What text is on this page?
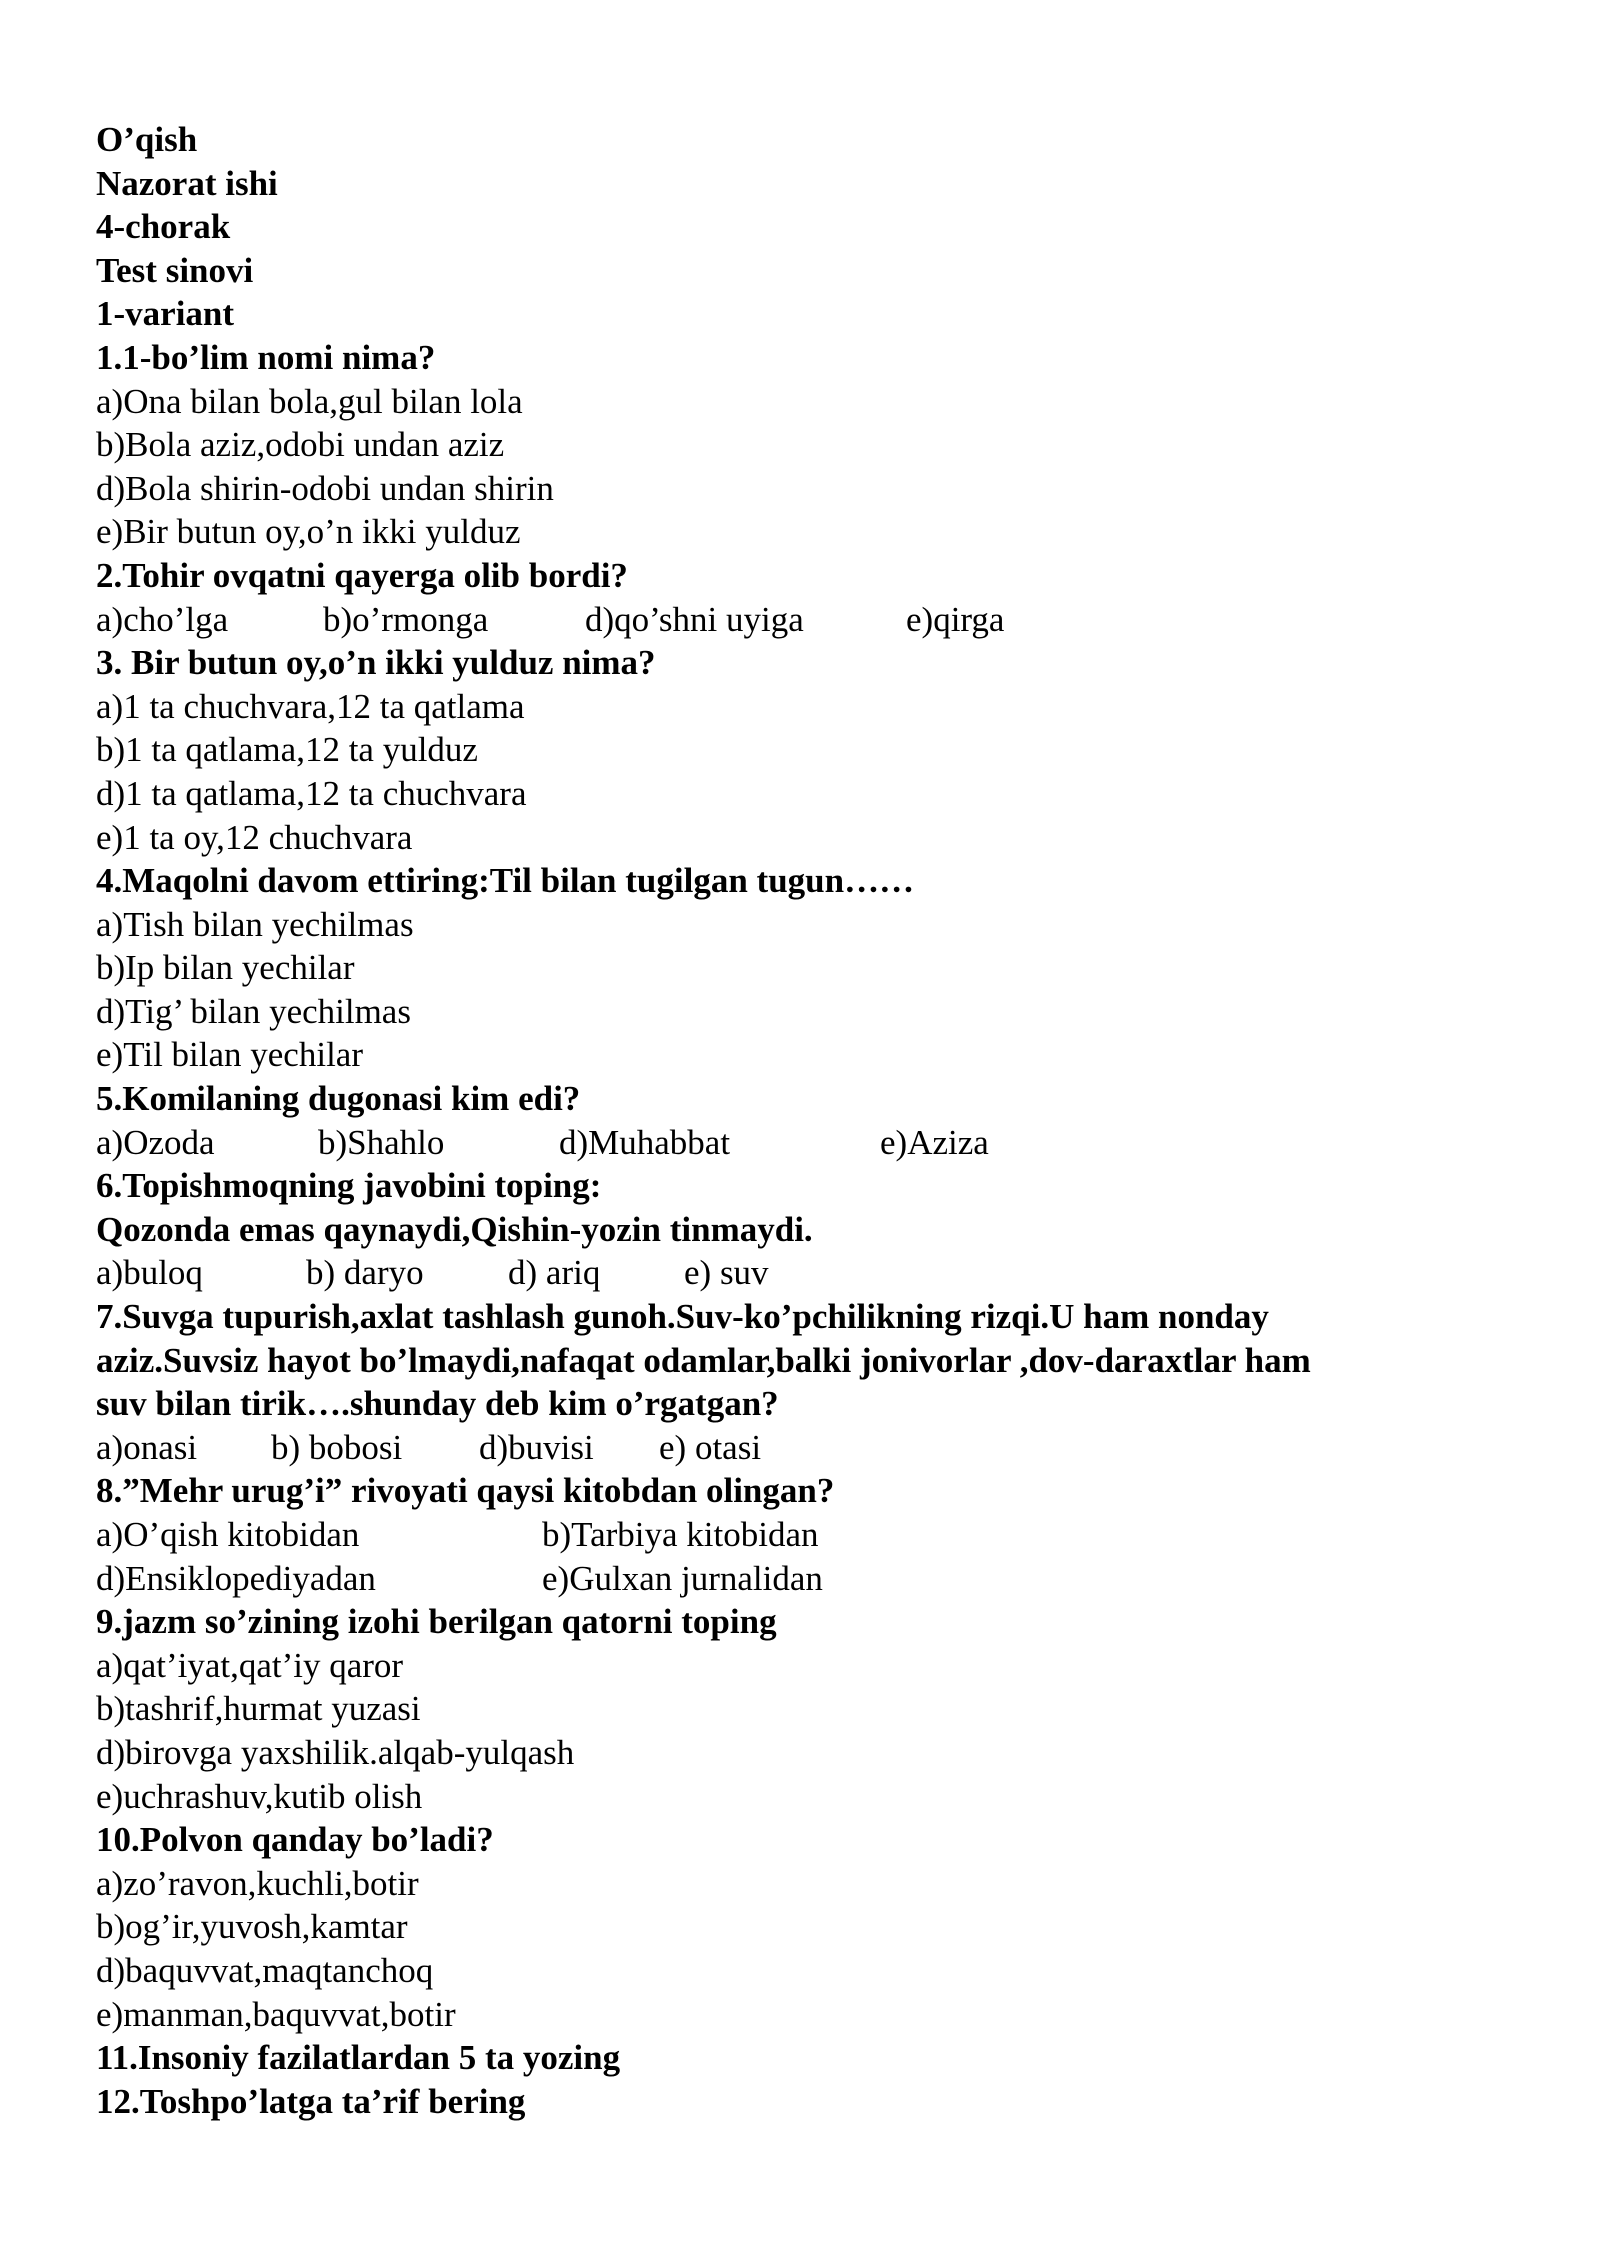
O’qish
Nazorat ishi
4-chorak
Test sinovi
1-variant
1.1-bo’lim nomi nima?
a)Ona bilan bola,gul bilan lola
b)Bola aziz,odobi undan aziz
d)Bola shirin-odobi undan shirin
e)Bir butun oy,o’n ikki yulduz
2.Tohir ovqatni qayerga olib bordi?
a)cho’lga	b)o’rmonga	d)qo’shni uyiga	e)qirga
3. Bir butun oy,o’n ikki yulduz nima?
a)1 ta chuchvara,12 ta qatlama
b)1 ta qatlama,12 ta yulduz
d)1 ta qatlama,12 ta chuchvara
e)1 ta oy,12 chuchvara
4.Maqolni davom ettiring:Til bilan tugilgan tugun……
a)Tish bilan yechilmas
b)Ip bilan yechilar
d)Tig’ bilan yechilmas
e)Til bilan yechilar
5.Komilaning dugonasi kim edi?
a)Ozoda	b)Shahlo	d)Muhabbat	e)Aziza
6.Topishmoqning javobini toping:
Qozonda emas qaynaydi,Qishin-yozin tinmaydi.
a)buloq	b) daryo d) ariq e) suv
7.Suvga tupurish,axlat tashlash gunoh.Suv-ko’pchilikning rizqi.U ham nonday
aziz.Suvsiz hayot bo’lmaydi,nafaqat odamlar,balki jonivorlar ,dov-daraxtlar ham
suv bilan tirik….shunday deb kim o’rgatgan?
a)onasi b) bobosi d)buvisi e) otasi
8.”Mehr urug’i” rivoyati qaysi kitobdan olingan?
a)O’qish kitobidan	b)Tarbiya kitobidan
d)Ensiklopediyadan	e)Gulxan jurnalidan
9.jazm so’zining izohi berilgan qatorni toping
a)qat’iyat,qat’iy qaror
b)tashrif,hurmat yuzasi
d)birovga yaxshilik.alqab-yulqash
e)uchrashuv,kutib olish
10.Polvon qanday bo’ladi?
a)zo’ravon,kuchli,botir
b)og’ir,yuvosh,kamtar
d)baquvvat,maqtanchoq
e)manman,baquvvat,botir
11.Insoniy fazilatlardan 5 ta yozing
12.Toshpo’latga ta’rif bering
